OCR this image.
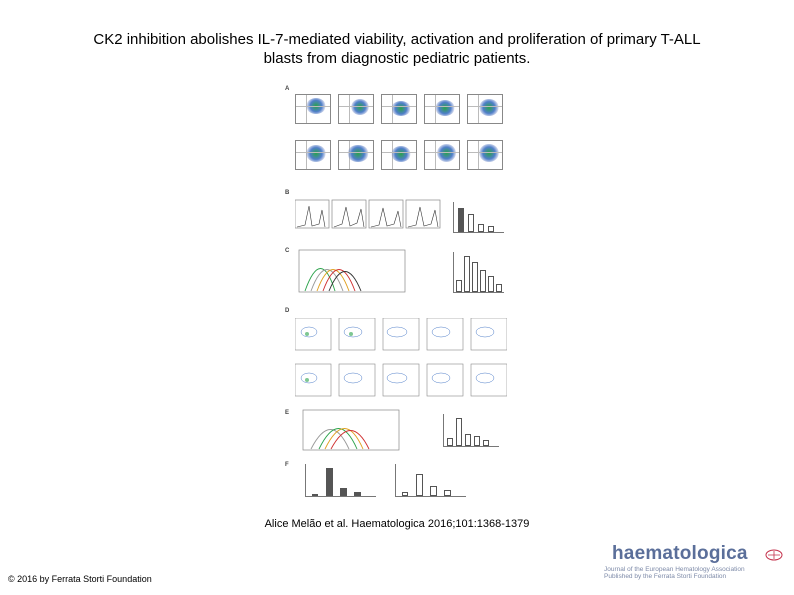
CK2 inhibition abolishes IL-7-mediated viability, activation and proliferation of primary T-ALL
blasts from diagnostic pediatric patients.
A
B
C
D
E
F
Alice Melão et al. Haematologica 2016;101:1368-1379
© 2016 by Ferrata Storti Foundation
haematologica
Journal of the European Hematology Association
Published by the Ferrata Storti Foundation
